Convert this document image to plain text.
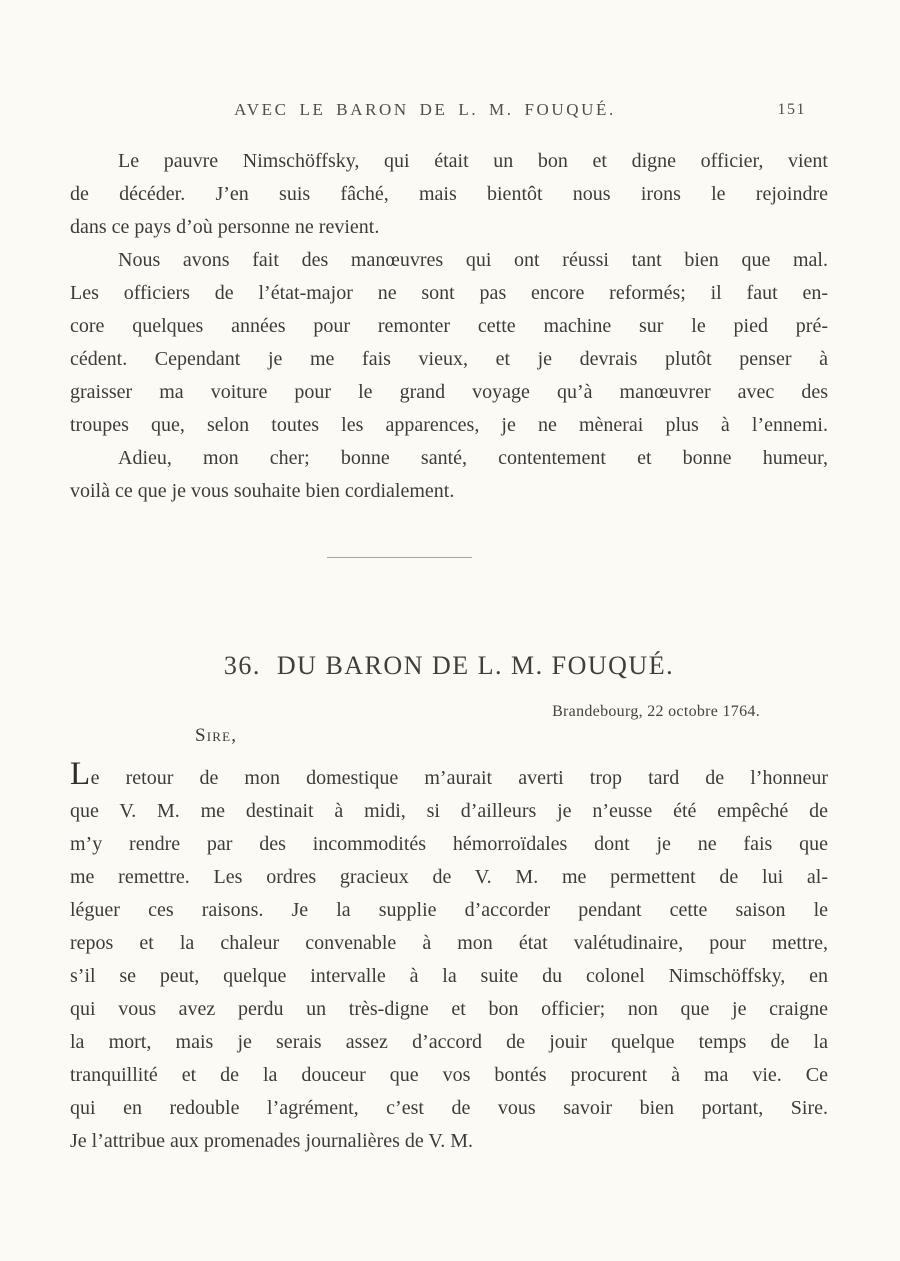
AVEC LE BARON DE L. M. FOUQUÉ.	151
Le pauvre Nimschöffsky, qui était un bon et digne officier, vient
de décéder. J’en suis fâché, mais bientôt nous irons le rejoindre
dans ce pays d’où personne ne revient.
Nous avons fait des manœuvres qui ont réussi tant bien que mal.
Les officiers de l’état-major ne sont pas encore reformés; il faut en-
core quelques années pour remonter cette machine sur le pied pré-
cédent. Cependant je me fais vieux, et je devrais plutôt penser à
graisser ma voiture pour le grand voyage qu’à manœuvrer avec des
troupes que, selon toutes les apparences, je ne mènerai plus à l’ennemi.
Adieu, mon cher; bonne santé, contentement et bonne humeur,
voilà ce que je vous souhaite bien cordialement.
36. DU BARON DE L. M. FOUQUÉ.
Brandebourg, 22 octobre 1764.
Sire,
Le retour de mon domestique m’aurait averti trop tard de l’honneur
que V. M. me destinait à midi, si d’ailleurs je n’eusse été empêché de
m’y rendre par des incommodités hémorroïdales dont je ne fais que
me remettre. Les ordres gracieux de V. M. me permettent de lui al-
léguer ces raisons. Je la supplie d’accorder pendant cette saison le
repos et la chaleur convenable à mon état valétudinaire, pour mettre,
s’il se peut, quelque intervalle à la suite du colonel Nimschöffsky, en
qui vous avez perdu un très-digne et bon officier; non que je craigne
la mort, mais je serais assez d’accord de jouir quelque temps de la
tranquillité et de la douceur que vos bontés procurent à ma vie. Ce
qui en redouble l’agrément, c’est de vous savoir bien portant, Sire.
Je l’attribue aux promenades journalières de V. M.
